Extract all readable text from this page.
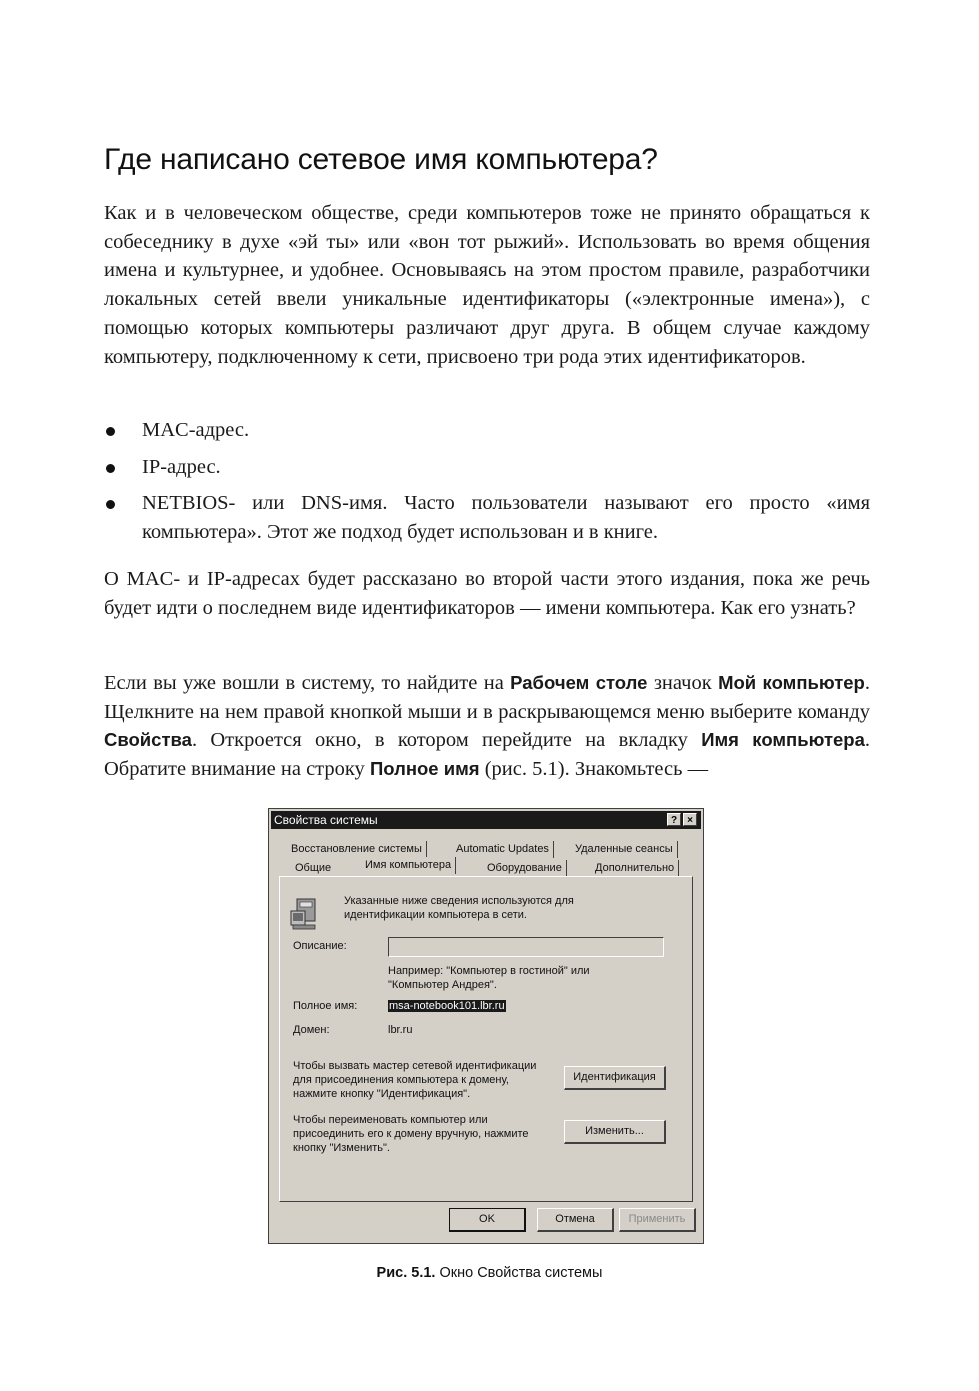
Где написано сетевое имя компьютера?

Как и в человеческом обществе, среди компьютеров тоже не принято обращаться к собеседнику в духе «эй ты» или «вон тот рыжий». Использовать во время общения имена и культурнее, и удобнее. Основываясь на этом простом правиле, разработчики локальных сетей ввели уникальные идентификаторы («электронные имена»), с помощью которых компьютеры различают друг друга. В общем случае каждому компьютеру, подключенному к сети, присвоено три рода этих идентификаторов.

MAC-адрес.
IP-адрес.
NETBIOS- или DNS-имя. Часто пользователи называют его просто «имя компьютера». Этот же подход будет использован и в книге.

О MAC- и IP-адресах будет рассказано во второй части этого издания, пока же речь будет идти о последнем виде идентификаторов — имени компьютера. Как его узнать?

Если вы уже вошли в систему, то найдите на Рабочем столе значок Мой компьютер. Щелкните на нем правой кнопкой мыши и в раскрывающемся меню выберите команду Свойства. Откроется окно, в котором перейдите на вкладку Имя компьютера. Обратите внимание на строку Полное имя (рис. 5.1). Знакомьтесь —

Свойства системы	?	×
Восстановление системы	Automatic Updates	Удаленные сеансы
Общие	Имя компьютера	Оборудование	Дополнительно
Указанные ниже сведения используются для
идентификации компьютера в сети.
Описание:
Например: "Компьютер в гостиной" или
"Компьютер Андрея".
Полное имя:	msa-notebook101.lbr.ru
Домен:	lbr.ru
Чтобы вызвать мастер сетевой идентификации
для присоединения компьютера к домену,
нажмите кнопку "Идентификация".
Идентификация
Чтобы переименовать компьютер или
присоединить его к домену вручную, нажмите
кнопку "Изменить".
Изменить...
OK	Отмена	Применить
Рис. 5.1. Окно Свойства системы
